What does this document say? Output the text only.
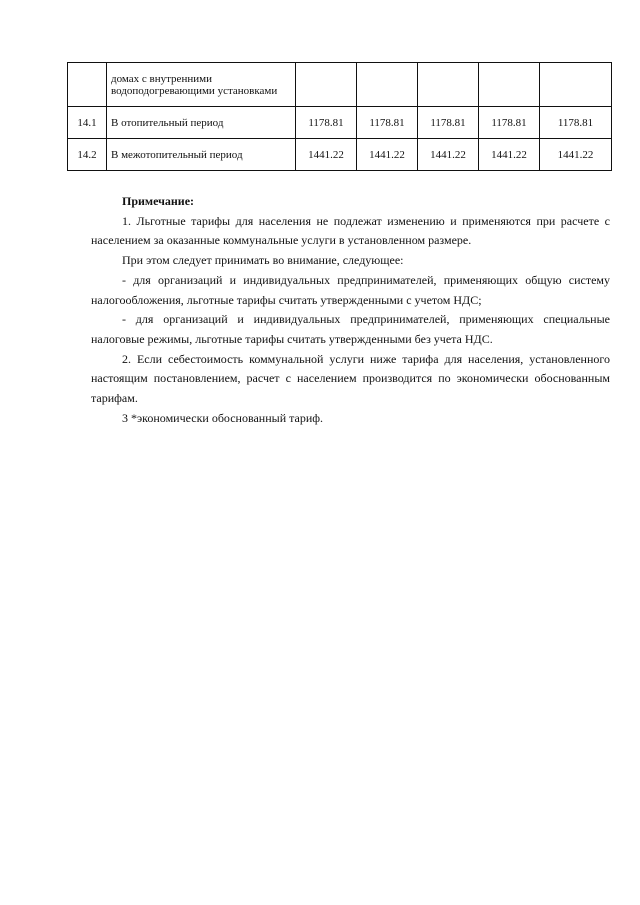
	домах с внутренними водоподогревающими установками					
14.1	В отопительный период	1178.81	1178.81	1178.81	1178.81	1178.81
14.2	В межотопительный период	1441.22	1441.22	1441.22	1441.22	1441.22

Примечание:

1. Льготные тарифы для населения не подлежат изменению и применяются при расчете с населением за оказанные коммунальные услуги в установленном размере.

При этом следует принимать во внимание, следующее:

- для организаций и индивидуальных предпринимателей, применяющих общую систему налогообложения, льготные тарифы считать утвержденными с учетом НДС;

- для организаций и индивидуальных предпринимателей, применяющих специальные налоговые режимы, льготные тарифы считать утвержденными без учета НДС.

2. Если себестоимость коммунальной услуги ниже тарифа для населения, установленного настоящим постановлением, расчет с населением производится по экономически обоснованным тарифам.

3 *экономически обоснованный тариф.
